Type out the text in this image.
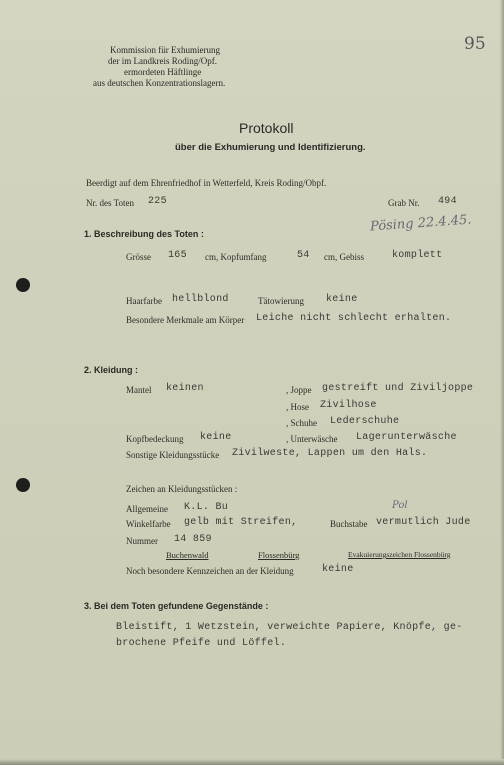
95
Kommission für Exhumierung
der im Landkreis Roding/Opf.
ermordeten Häftlinge
aus deutschen Konzentrationslagern.
Protokoll
über die Exhumierung und Identifizierung.
Beerdigt auf dem Ehrenfriedhof in Wetterfeld, Kreis Roding/Obpf.
Nr. des Toten 225	Grab Nr. 494
Pösing 22.4.45.
1. Beschreibung des Toten :
Grösse 165 cm, Kopfumfang	54 cm, Gebiss	komplett
Haarfarbe hellblond	Tätowierung keine
Besondere Merkmale am Körper Leiche nicht schlecht erhalten.
2. Kleidung :
Mantel keinen	, Joppe gestreift und Ziviljoppe
, Hose Zivilhose
, Schuhe Lederschuhe
Kopfbedeckung keine	, Unterwäsche Lagerunterwäsche
Sonstige Kleidungsstücke Zivilweste, Lappen um den Hals.
Zeichen an Kleidungsstücken :
Allgemeine K.L. Bu	Pol
Winkelfarbe gelb mit Streifen,	Buchstabe vermutlich Jude
Nummer 14 859
Buchenwald	Flossenbürg	Evakuierungszeichen Flossenbürg
Noch besondere Kennzeichen an der Kleidung	keine
3. Bei dem Toten gefundene Gegenstände :
Bleistift, 1 Wetzstein, verweichte Papiere, Knöpfe, ge-
brochene Pfeife und Löffel.
